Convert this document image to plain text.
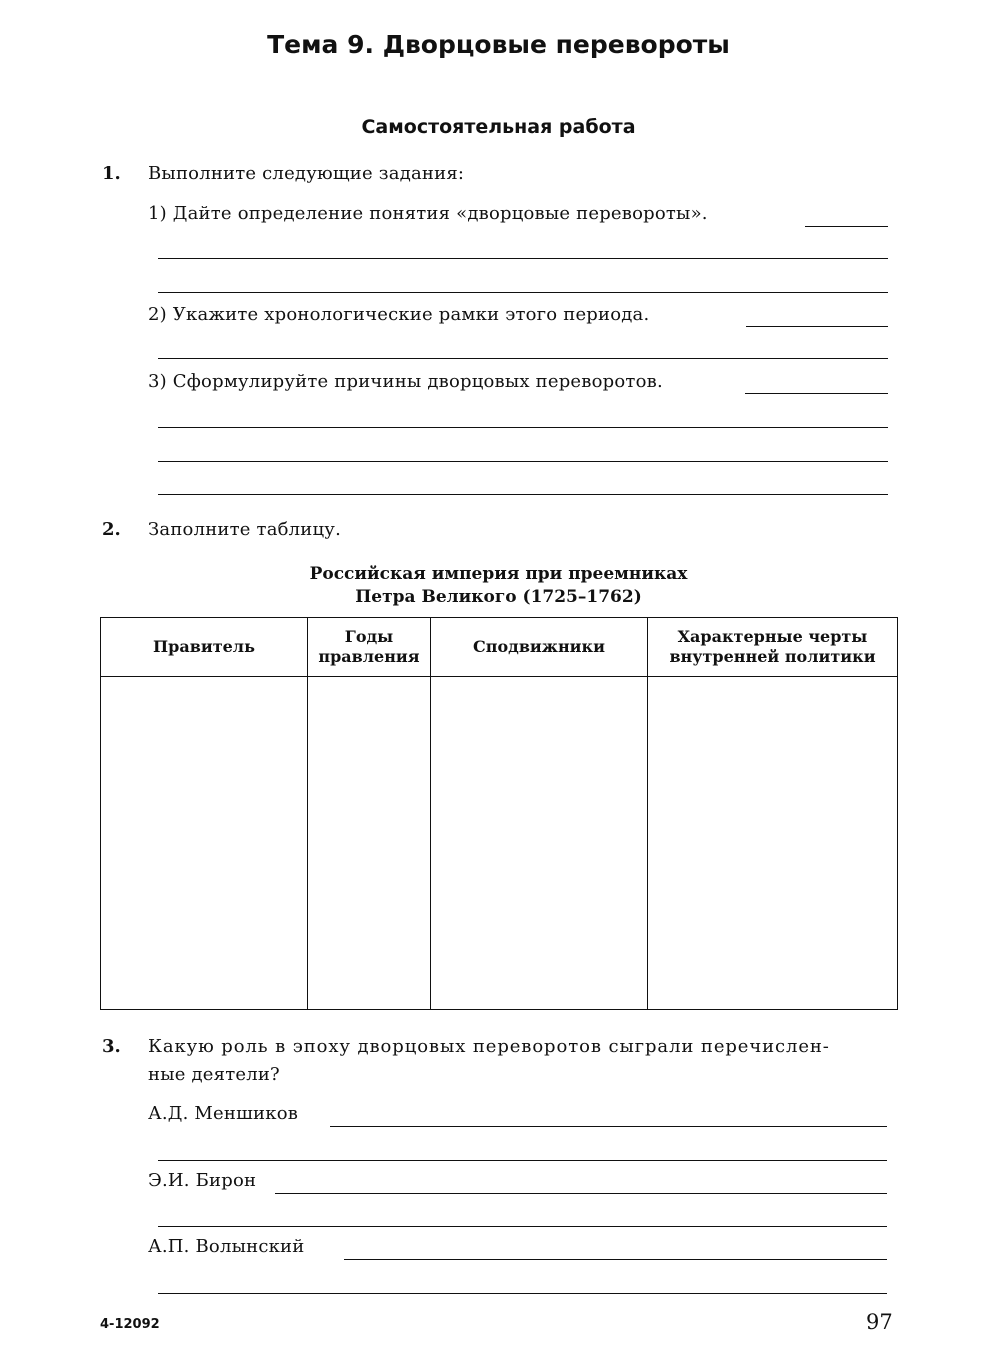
Тема 9. Дворцовые перевороты
Самостоятельная работа
1. Выполните следующие задания:
1) Дайте определение понятия «дворцовые перевороты».
2) Укажите хронологические рамки этого периода.
3) Сформулируйте причины дворцовых переворотов.
2. Заполните таблицу.
Российская империя при преемниках
Петра Великого (1725–1762)
Правитель	Годы правления	Сподвижники	Характерные черты внутренней политики

3. Какую роль в эпоху дворцовых переворотов сыграли перечислен-
ные деятели?
А.Д. Меншиков
Э.И. Бирон
А.П. Волынский
4-12092	97
